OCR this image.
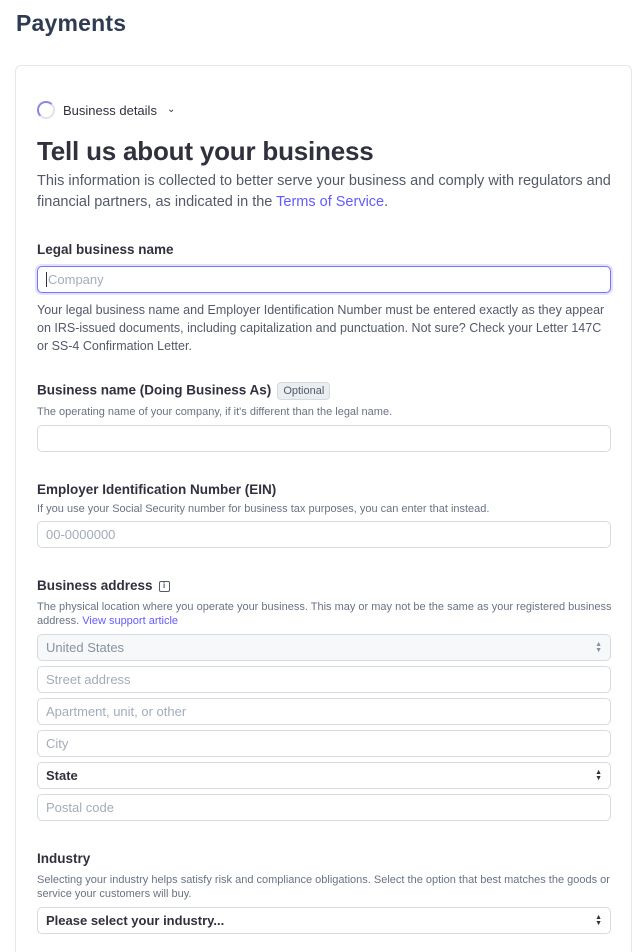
Payments
Business details ⌄
Tell us about your business
This information is collected to better serve your business and comply with regulators and financial partners, as indicated in the Terms of Service.
Legal business name
Company
Your legal business name and Employer Identification Number must be entered exactly as they appear on IRS-issued documents, including capitalization and punctuation. Not sure? Check your Letter 147C or SS-4 Confirmation Letter.
Business name (Doing Business As) Optional
The operating name of your company, if it's different than the legal name.
Employer Identification Number (EIN)
If you use your Social Security number for business tax purposes, you can enter that instead.
00-0000000
Business address i
The physical location where you operate your business. This may or may not be the same as your registered business address. View support article
United States	▲
▼
Street address
Apartment, unit, or other
City
State	▲
▼
Postal code
Industry
Selecting your industry helps satisfy risk and compliance obligations. Select the option that best matches the goods or service your customers will buy.
Please select your industry...	▲
▼
